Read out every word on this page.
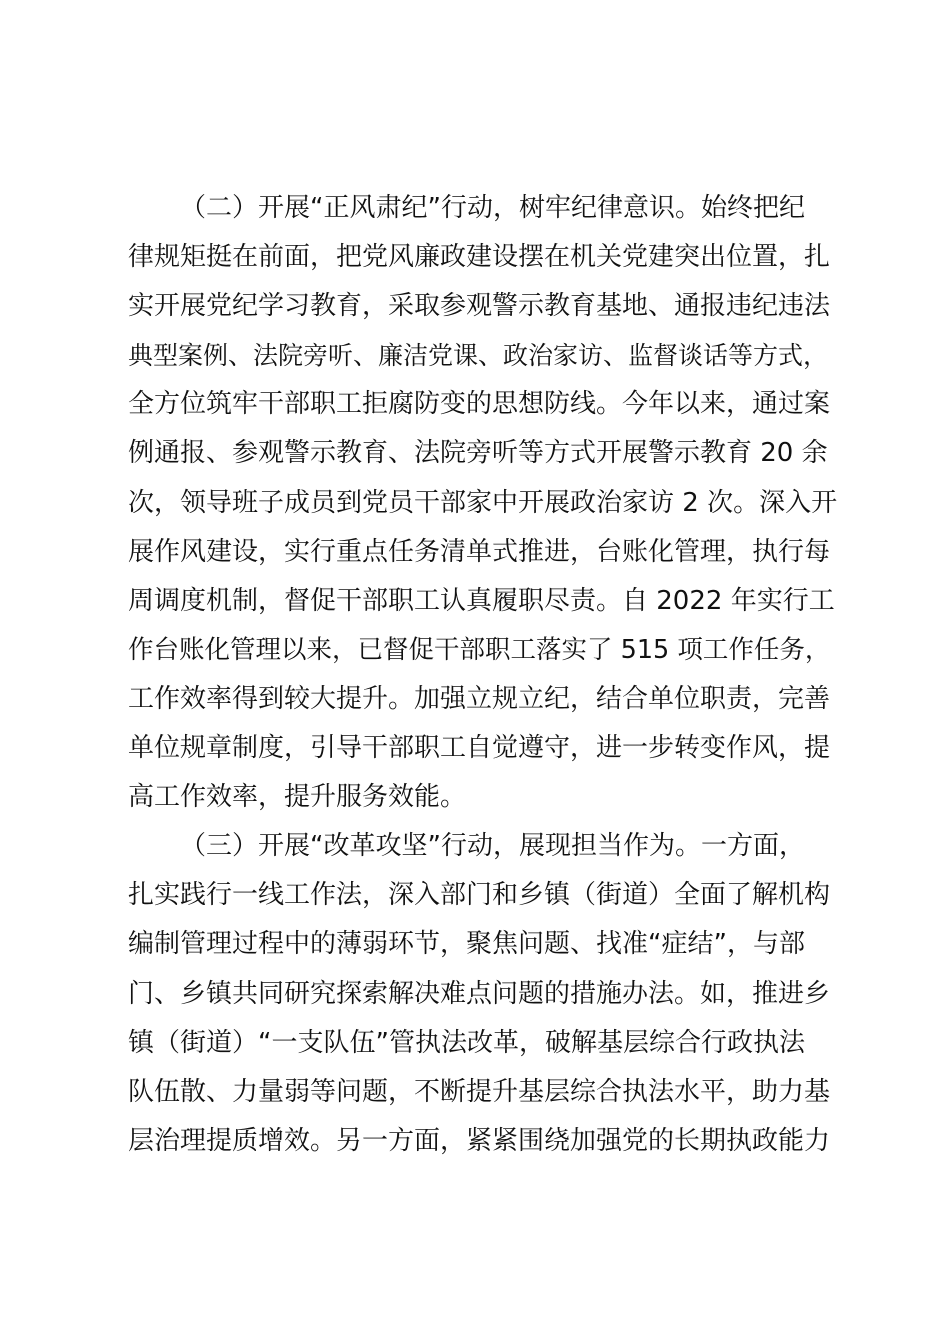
（二）开展“正风肃纪”行动，树牢纪律意识。始终把纪
律规矩挺在前面，把党风廉政建设摆在机关党建突出位置，扎
实开展党纪学习教育，采取参观警示教育基地、通报违纪违法
典型案例、法院旁听、廉洁党课、政治家访、监督谈话等方式，
全方位筑牢干部职工拒腐防变的思想防线。今年以来，通过案
例通报、参观警示教育、法院旁听等方式开展警示教育 20 余
次，领导班子成员到党员干部家中开展政治家访 2 次。深入开
展作风建设，实行重点任务清单式推进，台账化管理，执行每
周调度机制，督促干部职工认真履职尽责。自 2022 年实行工
作台账化管理以来，已督促干部职工落实了 515 项工作任务，
工作效率得到较大提升。加强立规立纪，结合单位职责，完善
单位规章制度，引导干部职工自觉遵守，进一步转变作风，提
高工作效率，提升服务效能。
（三）开展“改革攻坚”行动，展现担当作为。一方面，
扎实践行一线工作法，深入部门和乡镇（街道）全面了解机构
编制管理过程中的薄弱环节，聚焦问题、找准“症结”，与部
门、乡镇共同研究探索解决难点问题的措施办法。如，推进乡
镇（街道）“一支队伍”管执法改革，破解基层综合行政执法
队伍散、力量弱等问题，不断提升基层综合执法水平，助力基
层治理提质增效。另一方面，紧紧围绕加强党的长期执政能力
